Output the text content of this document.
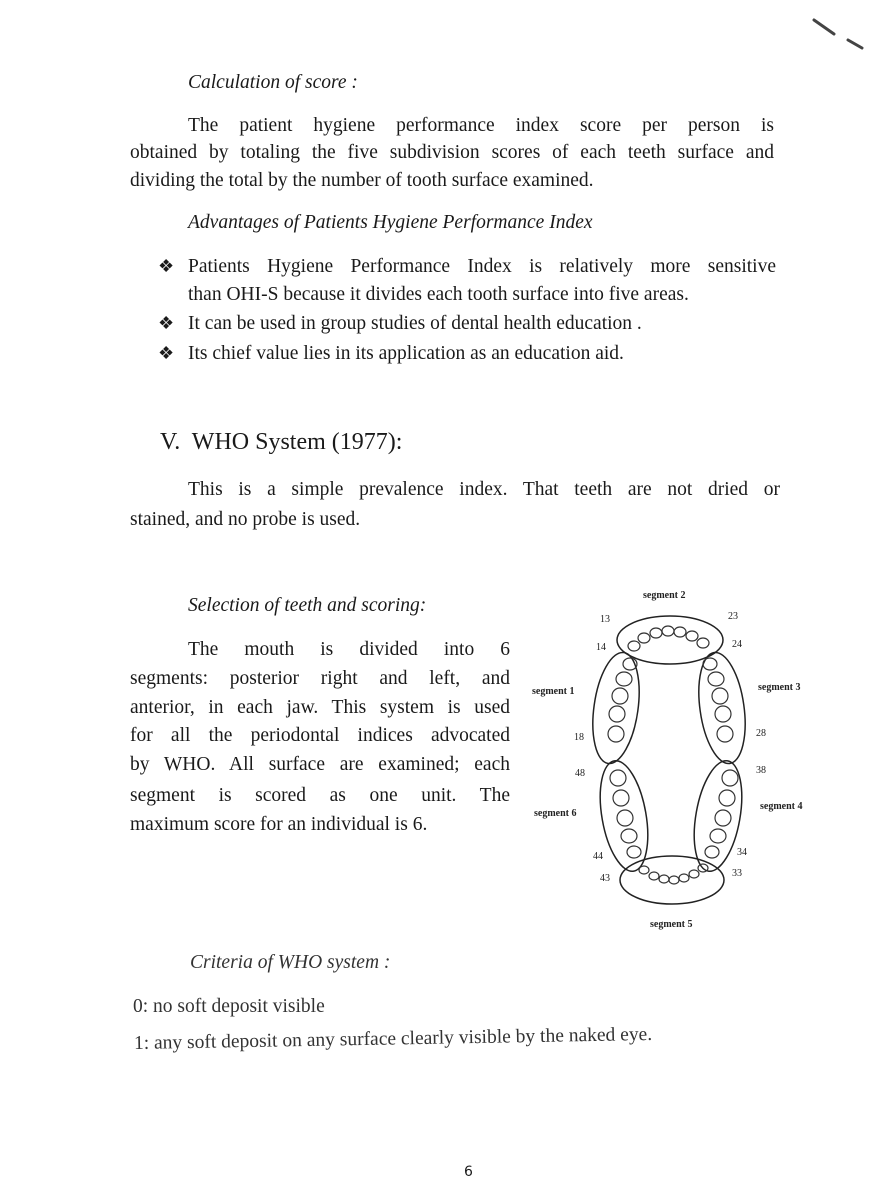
Calculation of score :
The patient hygiene performance index score per person is
obtained by totaling the five subdivision scores of each teeth surface and
dividing the total by the number of tooth surface examined.
Advantages of Patients Hygiene Performance Index
❖ Patients Hygiene Performance Index is relatively more sensitive
than OHI-S because it divides each tooth surface into five areas.
❖ It can be used in group studies of dental health education .
❖ Its chief value lies in its application as an education aid.
V.  WHO System (1977):
This is a simple prevalence index. That teeth are not dried or
stained, and no probe is used.
Selection of teeth and scoring:
The   mouth   is   divided   into   6
segments: posterior right and left, and
anterior, in each jaw. This system is used
for all the periodontal indices advocated
by WHO. All surface are examined; each
segment is scored as one unit. The
maximum score for an individual is 6.
segment 2
segment 1	segment 3
segment 4
segment 5
segment 6
13
14
18
23
24
28
48	38
44
43
34
33
Criteria of WHO system :
0: no soft deposit visible
1: any soft deposit on any surface clearly visible by the naked eye.
6
